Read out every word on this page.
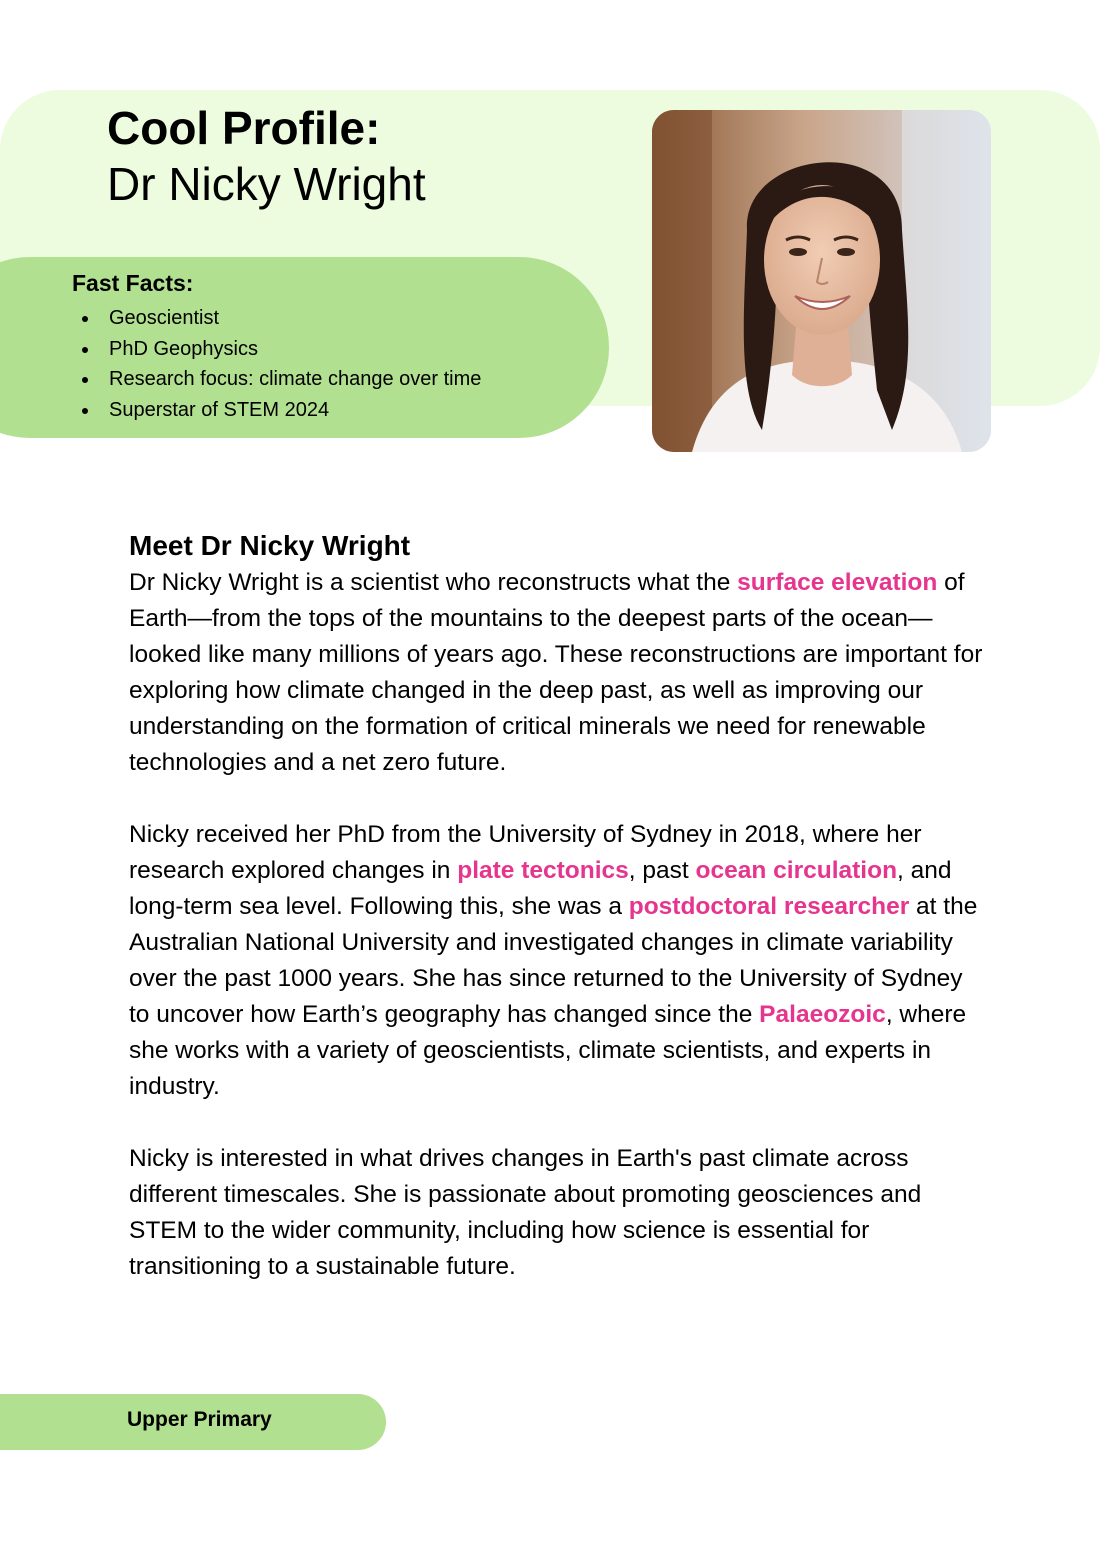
Cool Profile:
Dr Nicky Wright
Fast Facts:
Geoscientist
PhD Geophysics
Research focus: climate change over time
Superstar of STEM 2024
Meet Dr Nicky Wright

Dr Nicky Wright is a scientist who reconstructs what the surface elevation of Earth—from the tops of the mountains to the deepest parts of the ocean—looked like many millions of years ago. These reconstructions are important for exploring how climate changed in the deep past, as well as improving our understanding on the formation of critical minerals we need for renewable technologies and a net zero future.

Nicky received her PhD from the University of Sydney in 2018, where her research explored changes in plate tectonics, past ocean circulation, and long-term sea level. Following this, she was a postdoctoral researcher at the Australian National University and investigated changes in climate variability over the past 1000 years. She has since returned to the University of Sydney to uncover how Earth’s geography has changed since the Palaeozoic, where she works with a variety of geoscientists, climate scientists, and experts in industry.

Nicky is interested in what drives changes in Earth's past climate across different timescales. She is passionate about promoting geosciences and STEM to the wider community, including how science is essential for transitioning to a sustainable future.

Upper Primary
